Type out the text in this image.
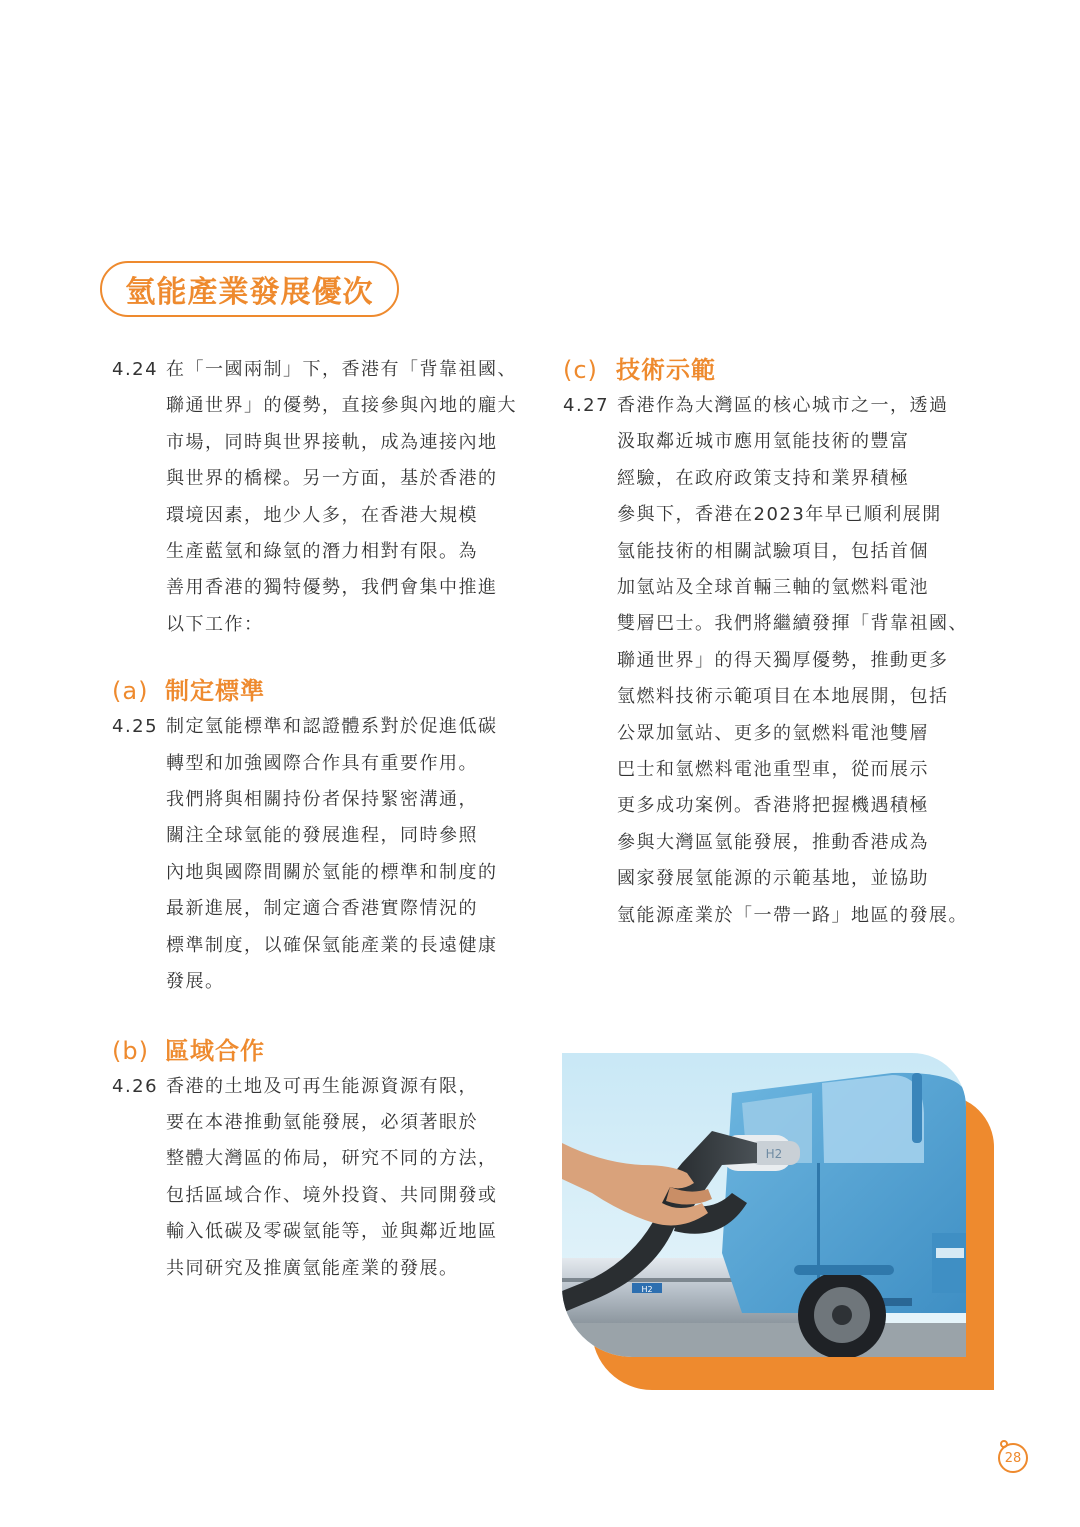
氫能產業發展優次
4.24 在「一國兩制」下，香港有「背靠祖國、
聯通世界」的優勢，直接參與內地的龐大
市場，同時與世界接軌，成為連接內地
與世界的橋樑。另一方面，基於香港的
環境因素，地少人多，在香港大規模
生產藍氫和綠氫的潛力相對有限。為
善用香港的獨特優勢，我們會集中推進
以下工作：
(a) 制定標準
4.25 制定氫能標準和認證體系對於促進低碳
轉型和加強國際合作具有重要作用。
我們將與相關持份者保持緊密溝通，
關注全球氫能的發展進程，同時參照
內地與國際間關於氫能的標準和制度的
最新進展，制定適合香港實際情況的
標準制度，以確保氫能產業的長遠健康
發展。
(b) 區域合作
4.26 香港的土地及可再生能源資源有限，
要在本港推動氫能發展，必須著眼於
整體大灣區的佈局，研究不同的方法，
包括區域合作、境外投資、共同開發或
輸入低碳及零碳氫能等，並與鄰近地區
共同研究及推廣氫能產業的發展。
(c) 技術示範
4.27 香港作為大灣區的核心城市之一，透過
汲取鄰近城市應用氫能技術的豐富
經驗，在政府政策支持和業界積極
參與下，香港在2023年早已順利展開
氫能技術的相關試驗項目，包括首個
加氫站及全球首輛三軸的氫燃料電池
雙層巴士。我們將繼續發揮「背靠祖國、
聯通世界」的得天獨厚優勢，推動更多
氫燃料技術示範項目在本地展開，包括
公眾加氫站、更多的氫燃料電池雙層
巴士和氫燃料電池重型車，從而展示
更多成功案例。香港將把握機遇積極
參與大灣區氫能發展，推動香港成為
國家發展氫能源的示範基地，並協助
氫能源產業於「一帶一路」地區的發展。
H2
H2
28
